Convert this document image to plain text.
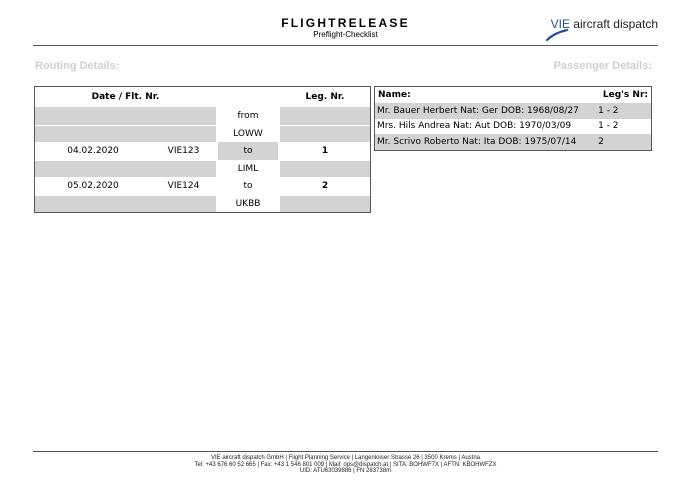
FLIGHTRELEASE
Preflight-Checklist
VIE aircraft dispatch
Routing Details:	Passenger Details:
Date / Flt. Nr.			Leg. Nr.
		from	
		LOWW	
04.02.2020	VIE123	to	1
		LIML	
05.02.2020	VIE124	to	2
		UKBB	
Name:	Leg's Nr:
Mr. Bauer Herbert Nat: Ger DOB: 1968/08/27	1 - 2
Mrs. Hils Andrea Nat: Aut DOB: 1970/03/09	1 - 2
Mr. Scrivo Roberto Nat: Ita DOB: 1975/07/14	2
VIE aircraft dispatch GmbH | Flight Planning Service | Langenloiser Strasse 26 | 3500 Krems | Austria
Tel: +43 676 60 52 665 | Fax: +43 1 546 801 009 | Mail: ops@dispatch.at | SITA: BOHWF7X | AFTN: KBOHWFZX
UID: ATU63039886 | FN 283738m
